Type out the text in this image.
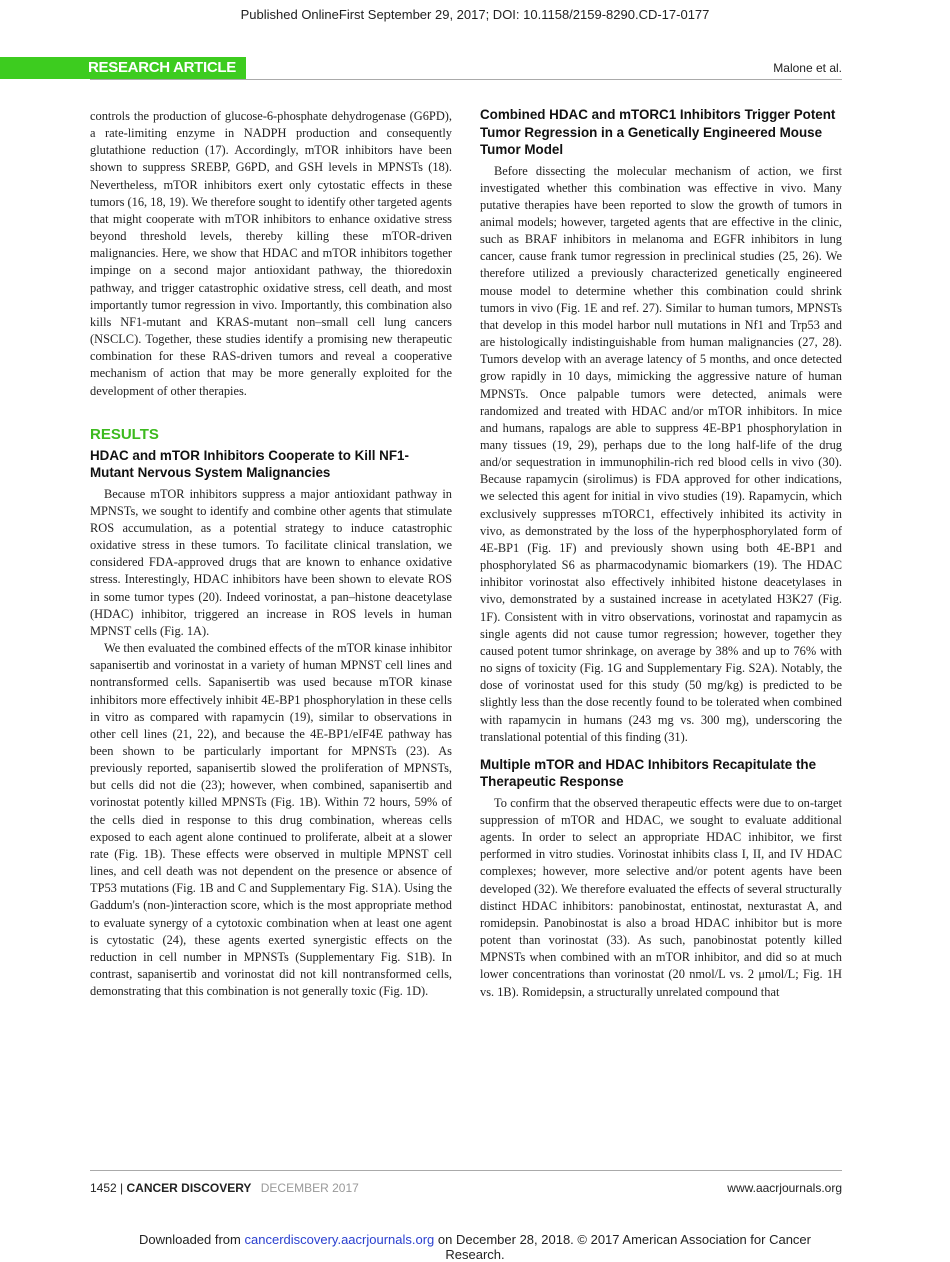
Published OnlineFirst September 29, 2017; DOI: 10.1158/2159-8290.CD-17-0177
RESEARCH ARTICLE	Malone et al.

controls the production of glucose-6-phosphate dehydrogenase (G6PD), a rate-limiting enzyme in NADPH production and consequently glutathione reduction (17). Accordingly, mTOR inhibitors have been shown to suppress SREBP, G6PD, and GSH levels in MPNSTs (18). Nevertheless, mTOR inhibitors exert only cytostatic effects in these tumors (16, 18, 19). We therefore sought to identify other targeted agents that might cooperate with mTOR inhibitors to enhance oxidative stress beyond threshold levels, thereby killing these mTOR-driven malignancies. Here, we show that HDAC and mTOR inhibitors together impinge on a second major antioxidant pathway, the thioredoxin pathway, and trigger catastrophic oxidative stress, cell death, and most importantly tumor regression in vivo. Importantly, this combination also kills NF1-mutant and KRAS-mutant non–small cell lung cancers (NSCLC). Together, these studies identify a promising new therapeutic combination for these RAS-driven tumors and reveal a cooperative mechanism of action that may be more generally exploited for the development of other therapies.

RESULTS
HDAC and mTOR Inhibitors Cooperate to Kill NF1-Mutant Nervous System Malignancies

Because mTOR inhibitors suppress a major antioxidant pathway in MPNSTs, we sought to identify and combine other agents that stimulate ROS accumulation, as a potential strategy to induce catastrophic oxidative stress in these tumors. To facilitate clinical translation, we considered FDA-approved drugs that are known to enhance oxidative stress. Interestingly, HDAC inhibitors have been shown to elevate ROS in some tumor types (20). Indeed vorinostat, a pan–histone deacetylase (HDAC) inhibitor, triggered an increase in ROS levels in human MPNST cells (Fig. 1A).

We then evaluated the combined effects of the mTOR kinase inhibitor sapanisertib and vorinostat in a variety of human MPNST cell lines and nontransformed cells. Sapanisertib was used because mTOR kinase inhibitors more effectively inhibit 4E-BP1 phosphorylation in these cells in vitro as compared with rapamycin (19), similar to observations in other cell lines (21, 22), and because the 4E-BP1/eIF4E pathway has been shown to be particularly important for MPNSTs (23). As previously reported, sapanisertib slowed the proliferation of MPNSTs, but cells did not die (23); however, when combined, sapanisertib and vorinostat potently killed MPNSTs (Fig. 1B). Within 72 hours, 59% of the cells died in response to this drug combination, whereas cells exposed to each agent alone continued to proliferate, albeit at a slower rate (Fig. 1B). These effects were observed in multiple MPNST cell lines, and cell death was not dependent on the presence or absence of TP53 mutations (Fig. 1B and C and Supplementary Fig. S1A). Using the Gaddum's (non-)interaction score, which is the most appropriate method to evaluate synergy of a cytotoxic combination when at least one agent is cytostatic (24), these agents exerted synergistic effects on the reduction in cell number in MPNSTs (Supplementary Fig. S1B). In contrast, sapanisertib and vorinostat did not kill nontransformed cells, demonstrating that this combination is not generally toxic (Fig. 1D).

Combined HDAC and mTORC1 Inhibitors Trigger Potent Tumor Regression in a Genetically Engineered Mouse Tumor Model

Before dissecting the molecular mechanism of action, we first investigated whether this combination was effective in vivo. Many putative therapies have been reported to slow the growth of tumors in animal models; however, targeted agents that are effective in the clinic, such as BRAF inhibitors in melanoma and EGFR inhibitors in lung cancer, cause frank tumor regression in preclinical studies (25, 26). We therefore utilized a previously characterized genetically engineered mouse model to determine whether this combination could shrink tumors in vivo (Fig. 1E and ref. 27). Similar to human tumors, MPNSTs that develop in this model harbor null mutations in Nf1 and Trp53 and are histologically indistinguishable from human malignancies (27, 28). Tumors develop with an average latency of 5 months, and once detected grow rapidly in 10 days, mimicking the aggressive nature of human MPNSTs. Once palpable tumors were detected, animals were randomized and treated with HDAC and/or mTOR inhibitors. In mice and humans, rapalogs are able to suppress 4E-BP1 phosphorylation in many tissues (19, 29), perhaps due to the long half-life of the drug and/or sequestration in immunophilin-rich red blood cells in vivo (30). Because rapamycin (sirolimus) is FDA approved for other indications, we selected this agent for initial in vivo studies (19). Rapamycin, which exclusively suppresses mTORC1, effectively inhibited its activity in vivo, as demonstrated by the loss of the hyperphosphorylated form of 4E-BP1 (Fig. 1F) and previously shown using both 4E-BP1 and phosphorylated S6 as pharmacodynamic biomarkers (19). The HDAC inhibitor vorinostat also effectively inhibited histone deacetylases in vivo, demonstrated by a sustained increase in acetylated H3K27 (Fig. 1F). Consistent with in vitro observations, vorinostat and rapamycin as single agents did not cause tumor regression; however, together they caused potent tumor shrinkage, on average by 38% and up to 76% with no signs of toxicity (Fig. 1G and Supplementary Fig. S2A). Notably, the dose of vorinostat used for this study (50 mg/kg) is predicted to be slightly less than the dose recently found to be tolerated when combined with rapamycin in humans (243 mg vs. 300 mg), underscoring the translational potential of this finding (31).

Multiple mTOR and HDAC Inhibitors Recapitulate the Therapeutic Response

To confirm that the observed therapeutic effects were due to on-target suppression of mTOR and HDAC, we sought to evaluate additional agents. In order to select an appropriate HDAC inhibitor, we first performed in vitro studies. Vorinostat inhibits class I, II, and IV HDAC complexes; however, more selective and/or potent agents have been developed (32). We therefore evaluated the effects of several structurally distinct HDAC inhibitors: panobinostat, entinostat, nexturastat A, and romidepsin. Panobinostat is also a broad HDAC inhibitor but is more potent than vorinostat (33). As such, panobinostat potently killed MPNSTs when combined with an mTOR inhibitor, and did so at much lower concentrations than vorinostat (20 nmol/L vs. 2 μmol/L; Fig. 1H vs. 1B). Romidepsin, a structurally unrelated compound that

1452 | CANCER DISCOVERY DECEMBER 2017	www.aacrjournals.org
Downloaded from cancerdiscovery.aacrjournals.org on December 28, 2018. © 2017 American Association for Cancer Research.
